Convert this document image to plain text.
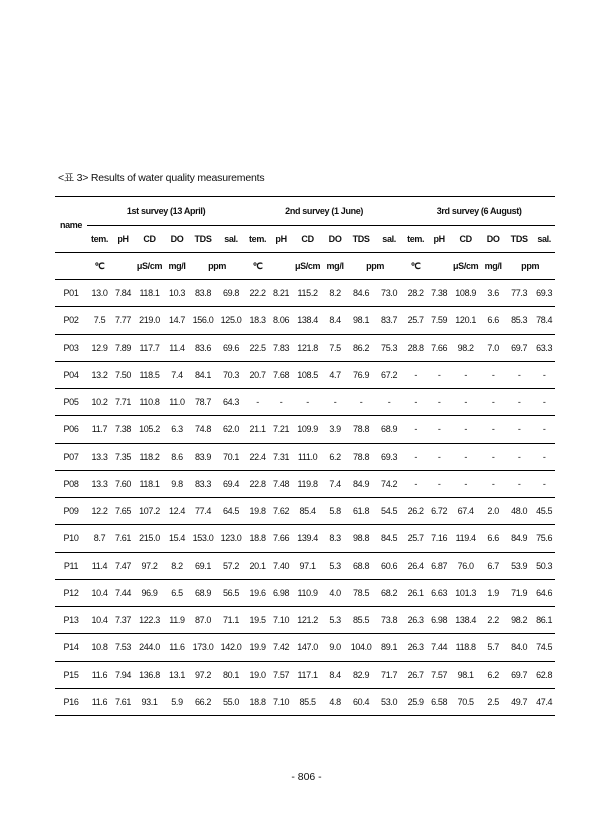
<표 3> Results of water quality measurements
name	1st survey (13 April)						2nd survey (1 June)						3rd survey (6 August)					
	tem.	pH	CD	DO	TDS	sal.	tem.	pH	CD	DO	TDS	sal.	tem.	pH	CD	DO	TDS	sal.
	℃		μS/cm	mg/l	ppm		℃		μS/cm	mg/l	ppm		℃		μS/cm	mg/l	ppm	
P01	13.0	7.84	118.1	10.3	83.8	69.8	22.2	8.21	115.2	8.2	84.6	73.0	28.2	7.38	108.9	3.6	77.3	69.3
P02	7.5	7.77	219.0	14.7	156.0	125.0	18.3	8.06	138.4	8.4	98.1	83.7	25.7	7.59	120.1	6.6	85.3	78.4
P03	12.9	7.89	117.7	11.4	83.6	69.6	22.5	7.83	121.8	7.5	86.2	75.3	28.8	7.66	98.2	7.0	69.7	63.3
P04	13.2	7.50	118.5	7.4	84.1	70.3	20.7	7.68	108.5	4.7	76.9	67.2	-	-	-	-	-	-
P05	10.2	7.71	110.8	11.0	78.7	64.3	-	-	-	-	-	-	-	-	-	-	-	-
P06	11.7	7.38	105.2	6.3	74.8	62.0	21.1	7.21	109.9	3.9	78.8	68.9	-	-	-	-	-	-
P07	13.3	7.35	118.2	8.6	83.9	70.1	22.4	7.31	111.0	6.2	78.8	69.3	-	-	-	-	-	-
P08	13.3	7.60	118.1	9.8	83.3	69.4	22.8	7.48	119.8	7.4	84.9	74.2	-	-	-	-	-	-
P09	12.2	7.65	107.2	12.4	77.4	64.5	19.8	7.62	85.4	5.8	61.8	54.5	26.2	6.72	67.4	2.0	48.0	45.5
P10	8.7	7.61	215.0	15.4	153.0	123.0	18.8	7.66	139.4	8.3	98.8	84.5	25.7	7.16	119.4	6.6	84.9	75.6
P11	11.4	7.47	97.2	8.2	69.1	57.2	20.1	7.40	97.1	5.3	68.8	60.6	26.4	6.87	76.0	6.7	53.9	50.3
P12	10.4	7.44	96.9	6.5	68.9	56.5	19.6	6.98	110.9	4.0	78.5	68.2	26.1	6.63	101.3	1.9	71.9	64.6
P13	10.4	7.37	122.3	11.9	87.0	71.1	19.5	7.10	121.2	5.3	85.5	73.8	26.3	6.98	138.4	2.2	98.2	86.1
P14	10.8	7.53	244.0	11.6	173.0	142.0	19.9	7.42	147.0	9.0	104.0	89.1	26.3	7.44	118.8	5.7	84.0	74.5
P15	11.6	7.94	136.8	13.1	97.2	80.1	19.0	7.57	117.1	8.4	82.9	71.7	26.7	7.57	98.1	6.2	69.7	62.8
P16	11.6	7.61	93.1	5.9	66.2	55.0	18.8	7.10	85.5	4.8	60.4	53.0	25.9	6.58	70.5	2.5	49.7	47.4
- 806 -
